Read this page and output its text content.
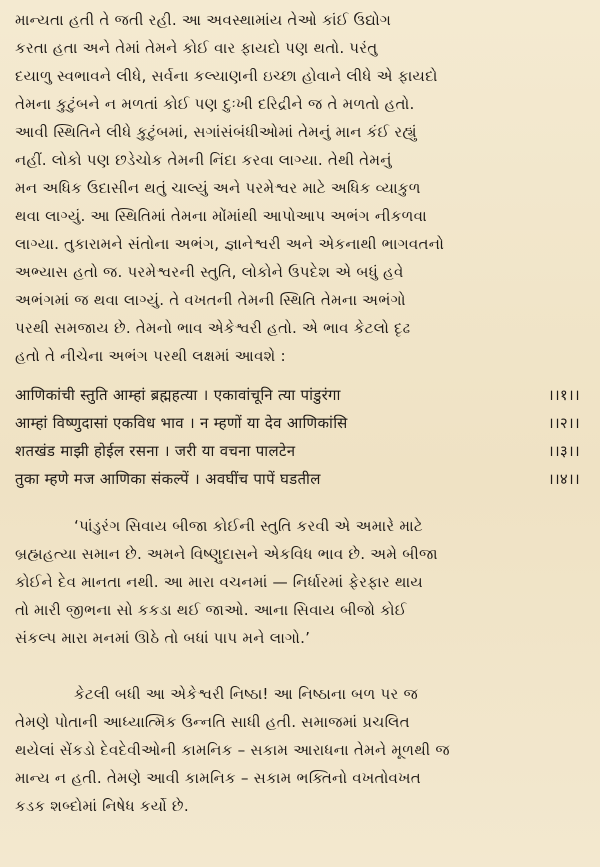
માન્યતા હતી તે જતી રહી. આ અવસ્થામાંય તેઓ કાંઈ ઉદ્યોગ
કરતા હતા અને તેમાં તેમને કોઈ વાર ફાયદો પણ થતો. પરંતુ
દયાળુ સ્વભાવને લીધે, સર્વના કલ્યાણની ઇચ્છા હોવાને લીધે એ ફાયદો
તેમના કુટુંબને ન મળતાં કોઈ પણ દુઃખી દરિદ્રીને જ તે મળતો હતો.
આવી સ્થિતિને લીધે કુટુંબમાં, સગાંસંબંધીઓમાં તેમનું માન કંઈ રહ્યું
નહીં. લોકો પણ છડેચોક તેમની નિંદા કરવા લાગ્યા. તેથી તેમનું
મન અધિક ઉદાસીન થતું ચાલ્યું અને પરમેશ્વર માટે અધિક વ્યાકુળ
થવા લાગ્યું. આ સ્થિતિમાં તેમના મોંમાંથી આપોઆપ અભંગ નીકળવા
લાગ્યા. તુકારામને સંતોના અભંગ, જ્ઞાનેશ્વરી અને એકનાથી ભાગવતનો
અભ્યાસ હતો જ. પરમેશ્વરની સ્તુતિ, લોકોને ઉપદેશ એ બધું હવે
અભંગમાં જ થવા લાગ્યું. તે વખતની તેમની સ્થિતિ તેમના અભંગો
પરથી સમજાય છે. તેમનો ભાવ એકેશ્વરી હતો. એ ભાવ કેટલો દૃઢ
હતો તે નીચેના અભંગ પરથી લક્ષમાં આવશે :
आणिकांची स्तुति आम्हां ब्रह्महत्या । एकावांचूनि त्या पांडुरंगा	।।१।।
आम्हां विष्णुदासां एकविध भाव । न म्हणों या देव आणिकांसि	।।२।।
शतखंड माझी होईल रसना । जरी या वचना पालटेन	।।३।।
तुका म्हणे मज आणिका संकल्पें । अवघींच पापें घडतील	।।४।।
‘પાંડુરંગ સિવાય બીજા કોઈની સ્તુતિ કરવી એ અમારે માટે
બ્રહ્મહત્યા સમાન છે. અમને વિષ્ણુદાસને એકવિધ ભાવ છે. અમે બીજા
કોઈને દેવ માનતા નથી. આ મારા વચનમાં — નિર્ધારમાં ફેરફાર થાય
તો મારી જીભના સો કકડા થઈ જાઓ. આના સિવાય બીજો કોઈ
સંકલ્પ મારા મનમાં ઊઠે તો બધાં પાપ મને લાગો.’
કેટલી બધી આ એકેશ્વરી નિષ્ઠા! આ નિષ્ઠાના બળ પર જ
તેમણે પોતાની આધ્યાત્મિક ઉન્નતિ સાધી હતી. સમાજમાં પ્રચલિત
થયેલાં સેંકડો દેવદેવીઓની કામનિક – સકામ આરાધના તેમને મૂળથી જ
માન્ય ન હતી. તેમણે આવી કામનિક – સકામ ભક્તિનો વખતોવખત
કડક શબ્દોમાં નિષેધ કર્યો છે.
